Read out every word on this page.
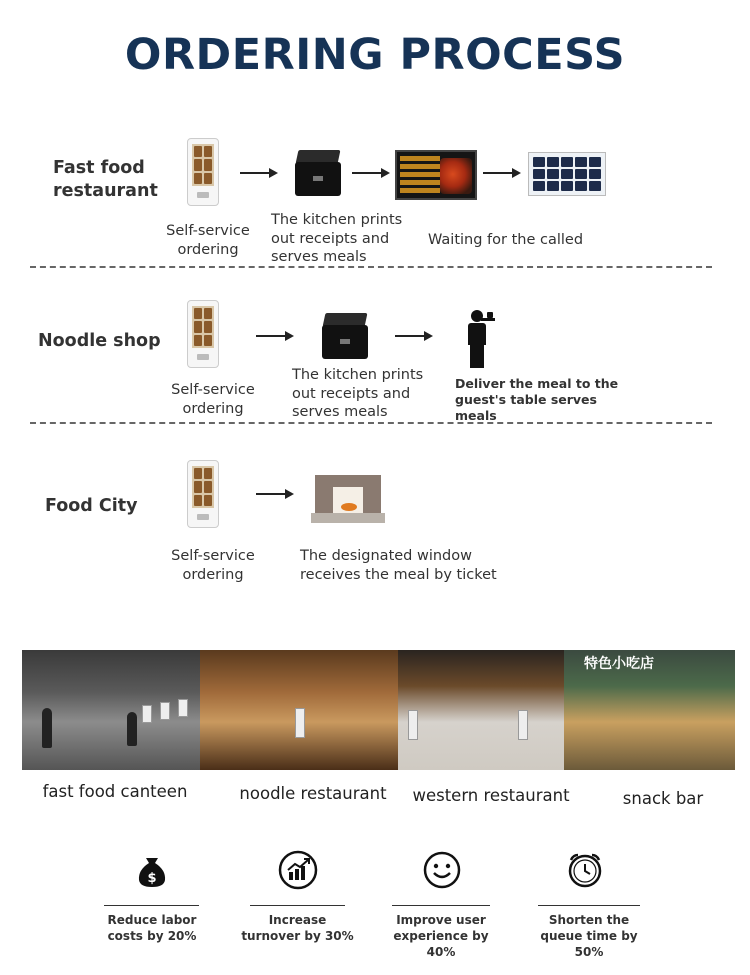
ORDERING PROCESS
Fast food restaurant
Self-service ordering
The kitchen prints out receipts and serves meals
Waiting for the called
Noodle shop
Self-service ordering
The kitchen prints out receipts and serves meals
Deliver the meal to the guest's table serves meals
Food City
Self-service ordering
The designated window receives the meal by ticket
特色小吃店
fast food canteen	noodle restaurant	western restaurant	snack bar
$
Reduce labor costs by 20%
Increase turnover by 30%
Improve user experience by 40%
Shorten the queue time by 50%
